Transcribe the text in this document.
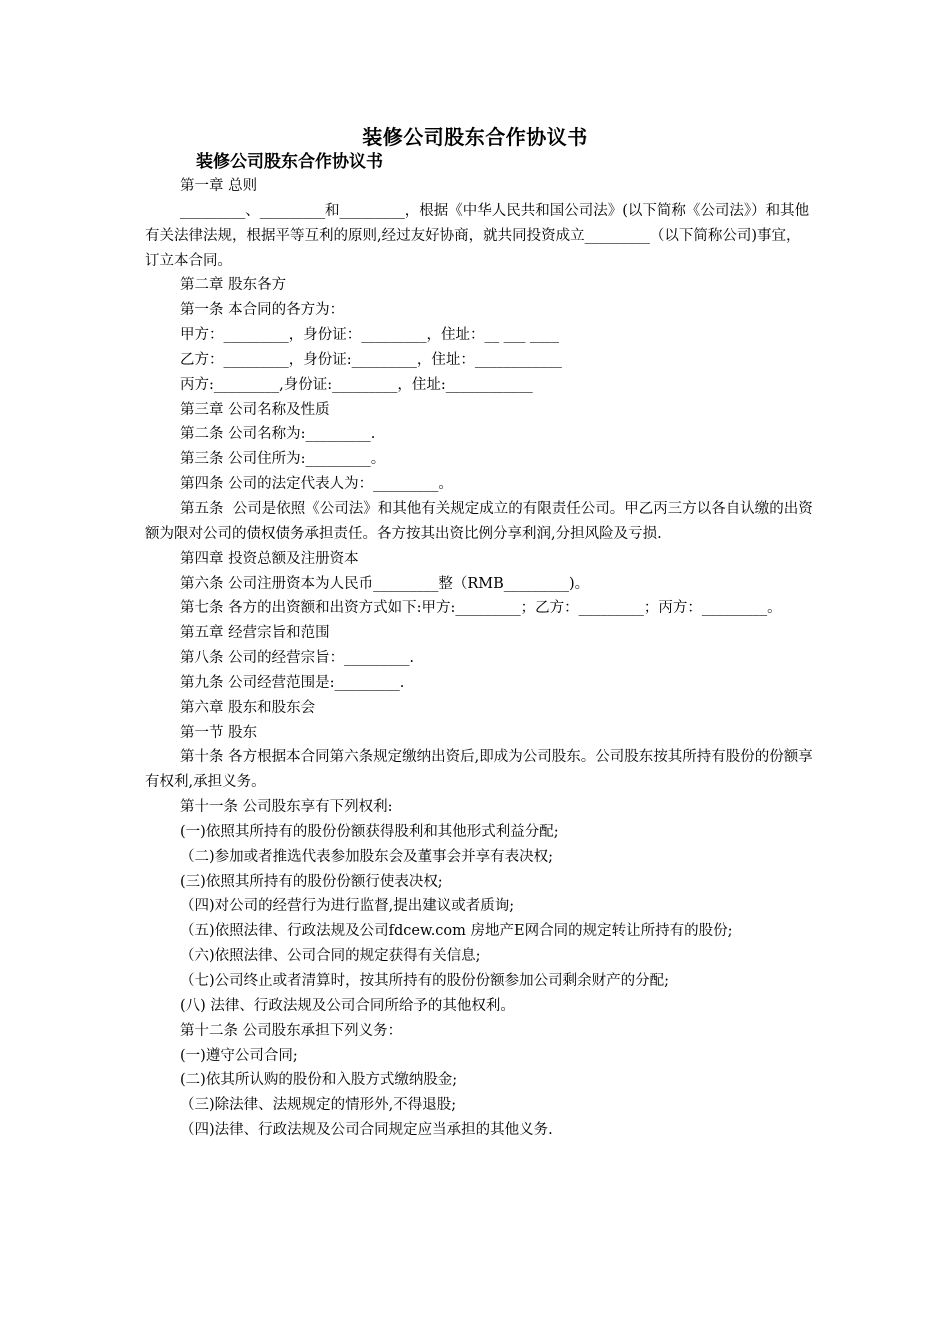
装修公司股东合作协议书
装修公司股东合作协议书

第一章 总则

_________、_________和_________，根据《中华人民共和国公司法》(以下简称《公司法》）和其他有关法律法规，根据平等互利的原则,经过友好协商，就共同投资成立_________（以下简称公司)事宜，订立本合同。

第二章 股东各方

第一条 本合同的各方为：

甲方：_________，身份证：_________，住址：__ ___ ____

乙方：_________，身份证:_________，住址：____________

丙方:_________,身份证:_________，住址:____________

第三章 公司名称及性质

第二条 公司名称为:_________.

第三条 公司住所为:_________。

第四条 公司的法定代表人为：_________。

第五条  公司是依照《公司法》和其他有关规定成立的有限责任公司。甲乙丙三方以各自认缴的出资额为限对公司的债权债务承担责任。各方按其出资比例分享利润,分担风险及亏损.

第四章 投资总额及注册资本

第六条 公司注册资本为人民币_________整（RMB_________)。

第七条 各方的出资额和出资方式如下:甲方:_________；乙方：_________；丙方：_________。

第五章 经营宗旨和范围

第八条 公司的经营宗旨：_________.

第九条 公司经营范围是:_________.

第六章 股东和股东会

第一节 股东

第十条 各方根据本合同第六条规定缴纳出资后,即成为公司股东。公司股东按其所持有股份的份额享有权利,承担义务。

第十一条 公司股东享有下列权利:

(一)依照其所持有的股份份额获得股利和其他形式利益分配;

（二)参加或者推选代表参加股东会及董事会并享有表决权;

(三)依照其所持有的股份份额行使表决权;

（四)对公司的经营行为进行监督,提出建议或者质询;

（五)依照法律、行政法规及公司fdcew.com 房地产E网合同的规定转让所持有的股份;

（六)依照法律、公司合同的规定获得有关信息;

（七)公司终止或者清算时，按其所持有的股份份额参加公司剩余财产的分配;

(八) 法律、行政法规及公司合同所给予的其他权利。

第十二条 公司股东承担下列义务：

(一)遵守公司合同;

(二)依其所认购的股份和入股方式缴纳股金;

（三)除法律、法规规定的情形外,不得退股;

（四)法律、行政法规及公司合同规定应当承担的其他义务.
